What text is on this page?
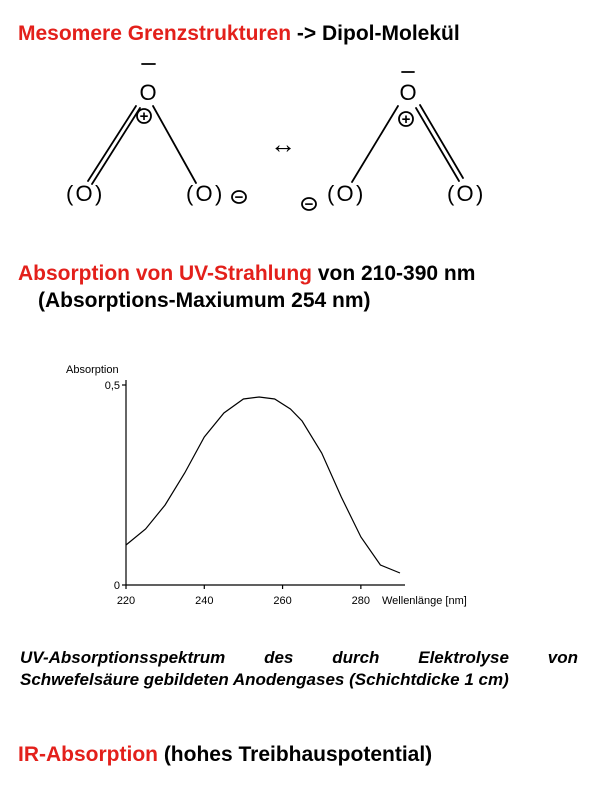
Mesomere Grenzstrukturen -> Dipol-Molekül
O
O	O
O
O	O
+	+
−	−
↔
( )	( )	( )	( )
Absorption von UV-Strahlung von 210-390 nm
(Absorptions-Maxiumum 254 nm)
220	240	260	280
0
0,5
Absorption
Wellenlänge [nm]
UV-Absorptionsspektrum des durch Elektrolyse von
Schwefelsäure gebildeten Anodengases (Schichtdicke 1 cm)
IR-Absorption (hohes Treibhauspotential)
